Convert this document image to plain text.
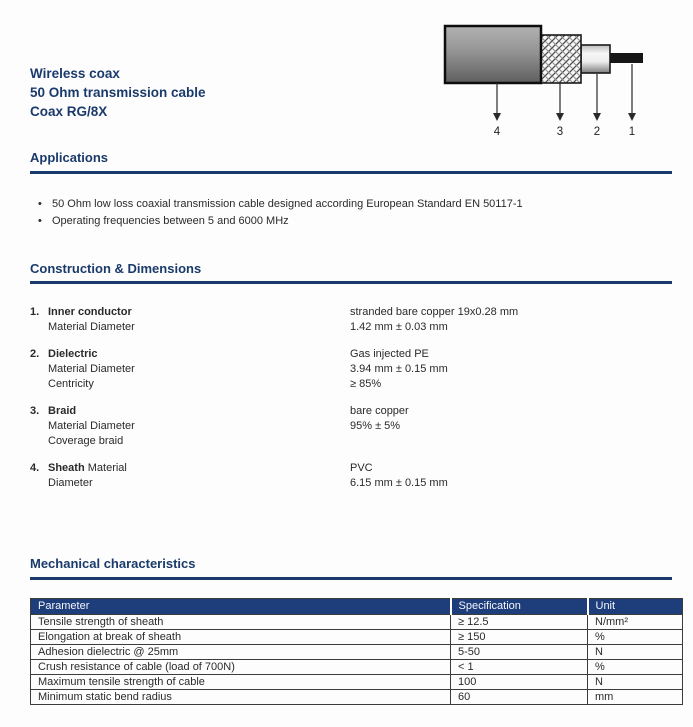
Wireless coax
50 Ohm transmission cable
Coax RG/8X
4	3	2 1
Applications
• 50 Ohm low loss coaxial transmission cable designed according European Standard EN 50117-1
• Operating frequencies between 5 and 6000 MHz
Construction & Dimensions
1. Inner conductor	stranded bare copper 19x0.28 mm
Material Diameter	1.42 mm ± 0.03 mm
2. Dielectric	Gas injected PE
Material Diameter	3.94 mm ± 0.15 mm
Centricity	≥ 85%
3. Braid	bare copper
Material Diameter	95% ± 5%
Coverage braid
4. Sheath Material	PVC
Diameter	6.15 mm ± 0.15 mm
Mechanical characteristics
Parameter	Specification	Unit
Tensile strength of sheath	≥ 12.5	N/mm²
Elongation at break of sheath	≥ 150	%
Adhesion dielectric @ 25mm	5-50	N
Crush resistance of cable (load of 700N)	< 1	%
Maximum tensile strength of cable	100	N
Minimum static bend radius	60	mm
